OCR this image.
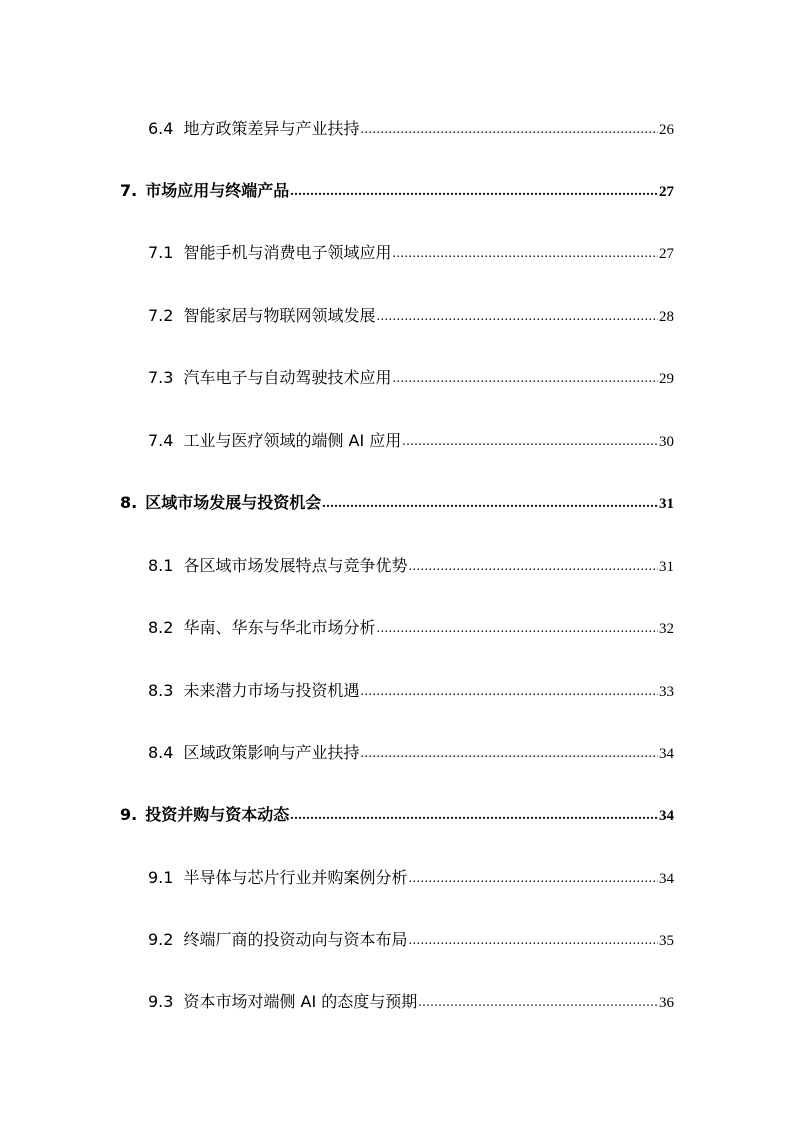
6.4 地方政策差异与产业扶持 .....	26
7. 市场应用与终端产品 .....	27
7.1 智能手机与消费电子领域应用 .....	27
7.2 智能家居与物联网领域发展 .....	28
7.3 汽车电子与自动驾驶技术应用 .....	29
7.4 工业与医疗领域的端侧 AI 应用 .....	30
8. 区域市场发展与投资机会 .....	31
8.1 各区域市场发展特点与竞争优势 .....	31
8.2 华南、华东与华北市场分析 .....	32
8.3 未来潜力市场与投资机遇 .....	33
8.4 区域政策影响与产业扶持 .....	34
9. 投资并购与资本动态 .....	34
9.1 半导体与芯片行业并购案例分析 .....	34
9.2 终端厂商的投资动向与资本布局 .....	35
9.3 资本市场对端侧 AI 的态度与预期 .....	36
